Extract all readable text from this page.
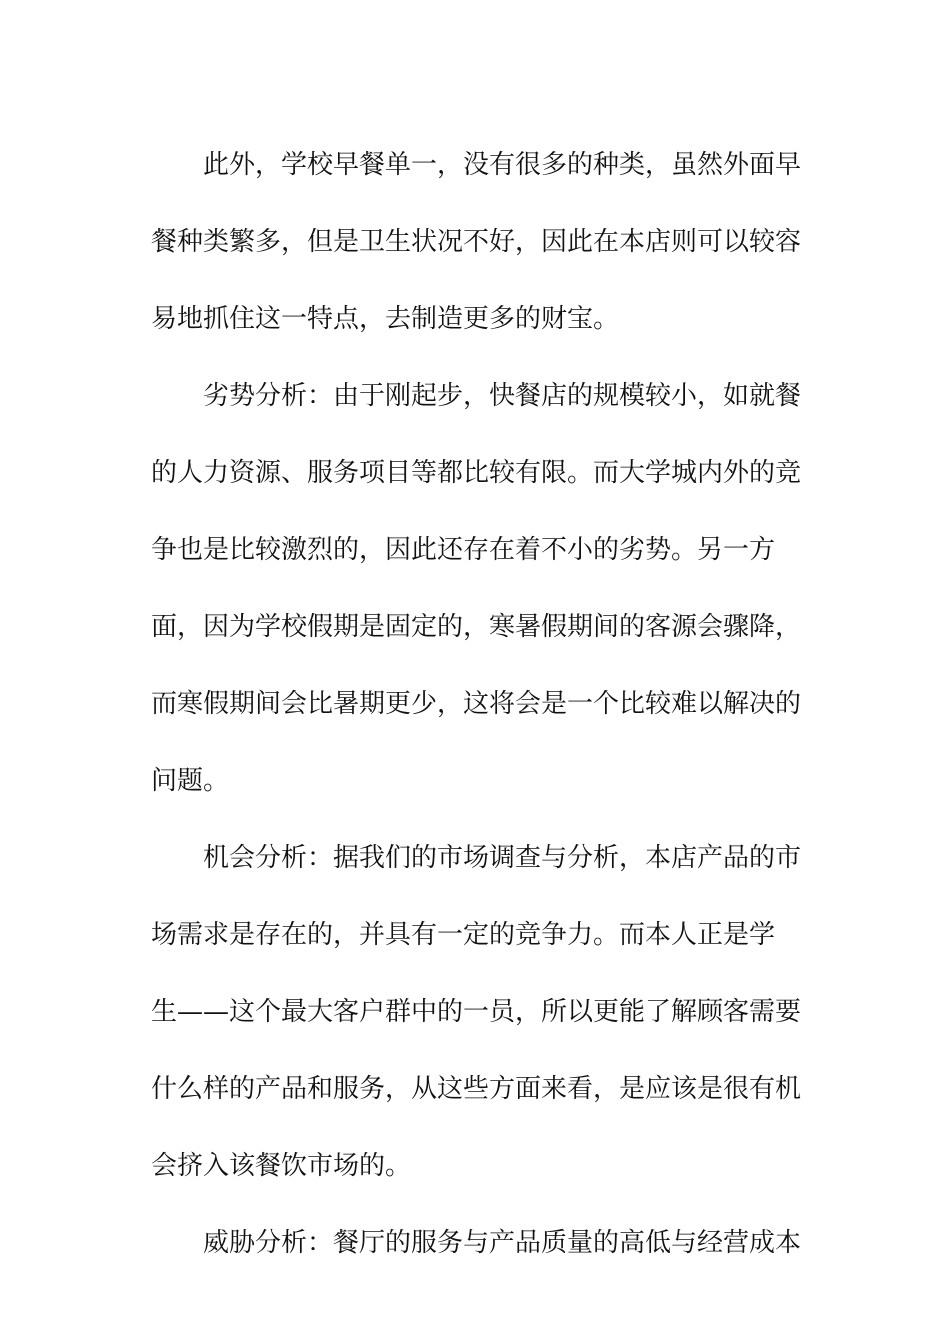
此外，学校早餐单一，没有很多的种类，虽然外面早
餐种类繁多，但是卫生状况不好，因此在本店则可以较容
易地抓住这一特点，去制造更多的财宝。

劣势分析：由于刚起步，快餐店的规模较小，如就餐
的人力资源、服务项目等都比较有限。而大学城内外的竞
争也是比较激烈的，因此还存在着不小的劣势。另一方
面，因为学校假期是固定的，寒暑假期间的客源会骤降，
而寒假期间会比暑期更少，这将会是一个比较难以解决的
问题。

机会分析：据我们的市场调查与分析，本店产品的市
场需求是存在的，并具有一定的竞争力。而本人正是学
生——这个最大客户群中的一员，所以更能了解顾客需要
什么样的产品和服务，从这些方面来看，是应该是很有机
会挤入该餐饮市场的。

威胁分析：餐厅的服务与产品质量的高低与经营成本
